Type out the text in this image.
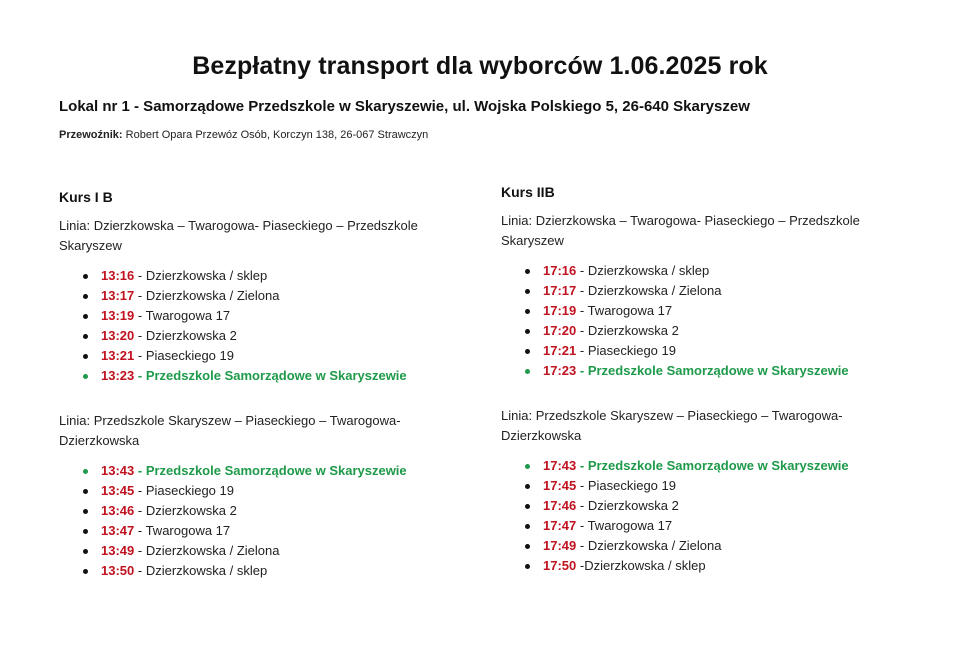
Bezpłatny transport dla wyborców 1.06.2025 rok
Lokal nr 1 - Samorządowe Przedszkole w Skaryszewie, ul. Wojska Polskiego 5, 26-640 Skaryszew
Przewoźnik: Robert Opara Przewóz Osób, Korczyn 138, 26-067 Strawczyn
Kurs I B

Linia: Dzierzkowska – Twarogowa- Piaseckiego – Przedszkole Skaryszew

13:16 - Dzierzkowska / sklep
13:17 - Dzierzkowska / Zielona
13:19 - Twarogowa 17
13:20 - Dzierzkowska 2
13:21 - Piaseckiego 19
13:23 - Przedszkole Samorządowe w Skaryszewie

Linia: Przedszkole Skaryszew – Piaseckiego – Twarogowa- Dzierzkowska

13:43 - Przedszkole Samorządowe w Skaryszewie
13:45 - Piaseckiego 19
13:46 - Dzierzkowska 2
13:47 - Twarogowa 17
13:49 - Dzierzkowska / Zielona
13:50 - Dzierzkowska / sklep
Kurs IIB

Linia: Dzierzkowska – Twarogowa- Piaseckiego – Przedszkole Skaryszew

17:16 - Dzierzkowska / sklep
17:17 - Dzierzkowska / Zielona
17:19 - Twarogowa 17
17:20 - Dzierzkowska 2
17:21 - Piaseckiego 19
17:23 - Przedszkole Samorządowe w Skaryszewie

Linia: Przedszkole Skaryszew – Piaseckiego – Twarogowa- Dzierzkowska

17:43 - Przedszkole Samorządowe w Skaryszewie
17:45 - Piaseckiego 19
17:46 - Dzierzkowska 2
17:47 - Twarogowa 17
17:49 - Dzierzkowska / Zielona
17:50 -Dzierzkowska / sklep
